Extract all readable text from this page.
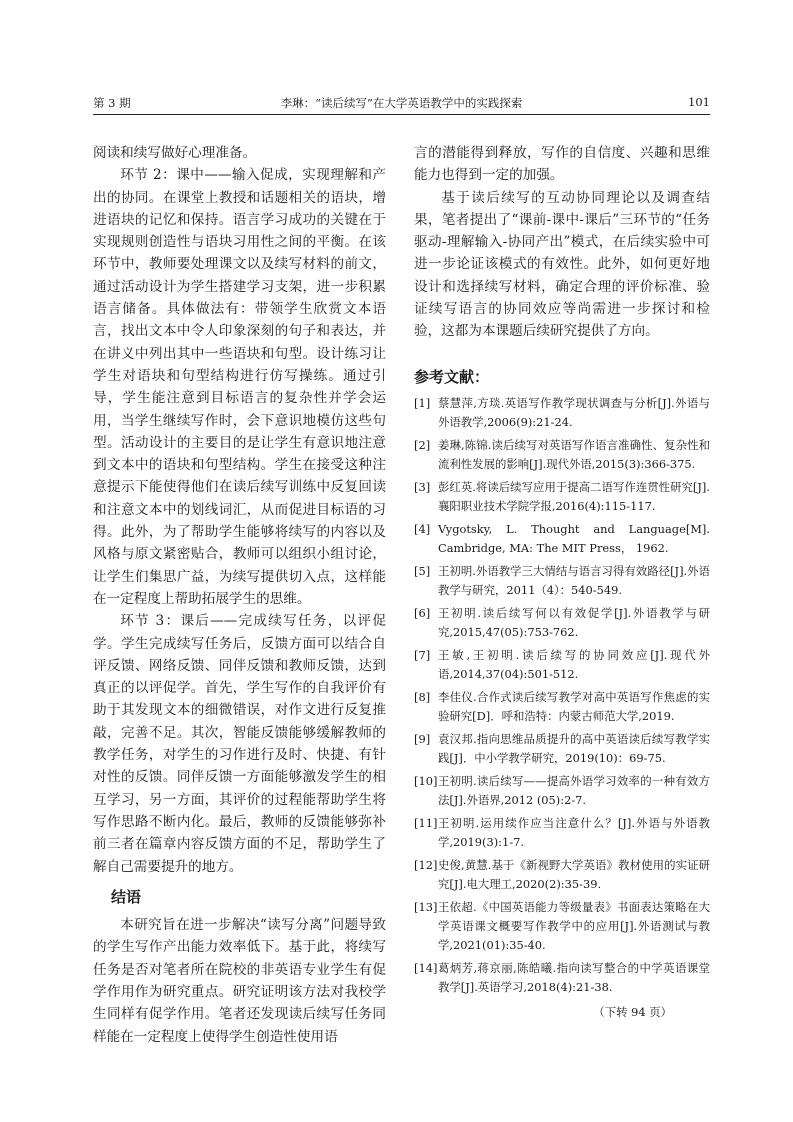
第 3 期	李琳：“读后续写”在大学英语教学中的实践探索	101

阅读和续写做好心理准备。

环节 2：课中——输入促成，实现理解和产出的协同。在课堂上教授和话题相关的语块，增进语块的记忆和保持。语言学习成功的关键在于实现规则创造性与语块习用性之间的平衡。在该环节中，教师要处理课文以及续写材料的前文，通过活动设计为学生搭建学习支架，进一步积累语言储备。具体做法有：带领学生欣赏文本语言，找出文本中令人印象深刻的句子和表达，并在讲义中列出其中一些语块和句型。设计练习让学生对语块和句型结构进行仿写操练。通过引导，学生能注意到目标语言的复杂性并学会运用，当学生继续写作时，会下意识地模仿这些句型。活动设计的主要目的是让学生有意识地注意到文本中的语块和句型结构。学生在接受这种注意提示下能使得他们在读后续写训练中反复回读和注意文本中的划线词汇，从而促进目标语的习得。此外，为了帮助学生能够将续写的内容以及风格与原文紧密贴合，教师可以组织小组讨论，让学生们集思广益，为续写提供切入点，这样能在一定程度上帮助拓展学生的思维。

环节 3：课后——完成续写任务，以评促学。学生完成续写任务后，反馈方面可以结合自评反馈、网络反馈、同伴反馈和教师反馈，达到真正的以评促学。首先，学生写作的自我评价有助于其发现文本的细微错误，对作文进行反复推敲，完善不足。其次，智能反馈能够缓解教师的教学任务，对学生的习作进行及时、快捷、有针对性的反馈。同伴反馈一方面能够激发学生的相互学习，另一方面，其评价的过程能帮助学生将写作思路不断内化。最后，教师的反馈能够弥补前三者在篇章内容反馈方面的不足，帮助学生了解自己需要提升的地方。

结语

本研究旨在进一步解决“读写分离”问题导致的学生写作产出能力效率低下。基于此，将续写任务是否对笔者所在院校的非英语专业学生有促学作用作为研究重点。研究证明该方法对我校学生同样有促学作用。笔者还发现读后续写任务同样能在一定程度上使得学生创造性使用语

言的潜能得到释放，写作的自信度、兴趣和思维能力也得到一定的加强。

基于读后续写的互动协同理论以及调查结果，笔者提出了“课前-课中-课后”三环节的“任务驱动-理解输入-协同产出”模式，在后续实验中可进一步论证该模式的有效性。此外，如何更好地设计和选择续写材料，确定合理的评价标准、验证续写语言的协同效应等尚需进一步探讨和检验，这都为本课题后续研究提供了方向。

参考文献：
[1] 蔡慧萍,方琰.英语写作教学现状调查与分析[J].外语与外语教学,2006(9):21-24.
[2] 姜琳,陈锦.读后续写对英语写作语言准确性、复杂性和流利性发展的影响[J].现代外语,2015(3):366-375.
[3] 彭红英.将读后续写应用于提高二语写作连贯性研究[J].襄阳职业技术学院学报,2016(4):115-117.
[4] Vygotsky, L. Thought and Language[M]. Cambridge, MA: The MIT Press， 1962.
[5] 王初明.外语教学三大情结与语言习得有效路径[J].外语教学与研究，2011（4）：540-549.
[6] 王初明.读后续写何以有效促学[J].外语教学与研究,2015,47(05):753-762.
[7] 王敏,王初明.读后续写的协同效应[J].现代外语,2014,37(04):501-512.
[8] 李佳仪.合作式读后续写教学对高中英语写作焦虑的实验研究[D]．呼和浩特：内蒙古师范大学,2019.
[9] 袁汉邦.指向思维品质提升的高中英语读后续写教学实践[J]．中小学教学研究，2019(10)：69-75.
[10] 王初明.读后续写——提高外语学习效率的一种有效方法[J].外语界,2012 (05):2-7.
[11] 王初明.运用续作应当注意什么？[J].外语与外语教学,2019(3):1-7.
[12] 史俊,黄慧.基于《新视野大学英语》教材使用的实证研究[J].电大理工,2020(2):35-39.
[13] 王依超.《中国英语能力等级量表》书面表达策略在大学英语课文概要写作教学中的应用[J].外语测试与教学,2021(01):35-40.
[14] 葛炳芳,蒋京丽,陈皓曦.指向读写整合的中学英语课堂教学[J].英语学习,2018(4):21-38.
（下转 94 页）
